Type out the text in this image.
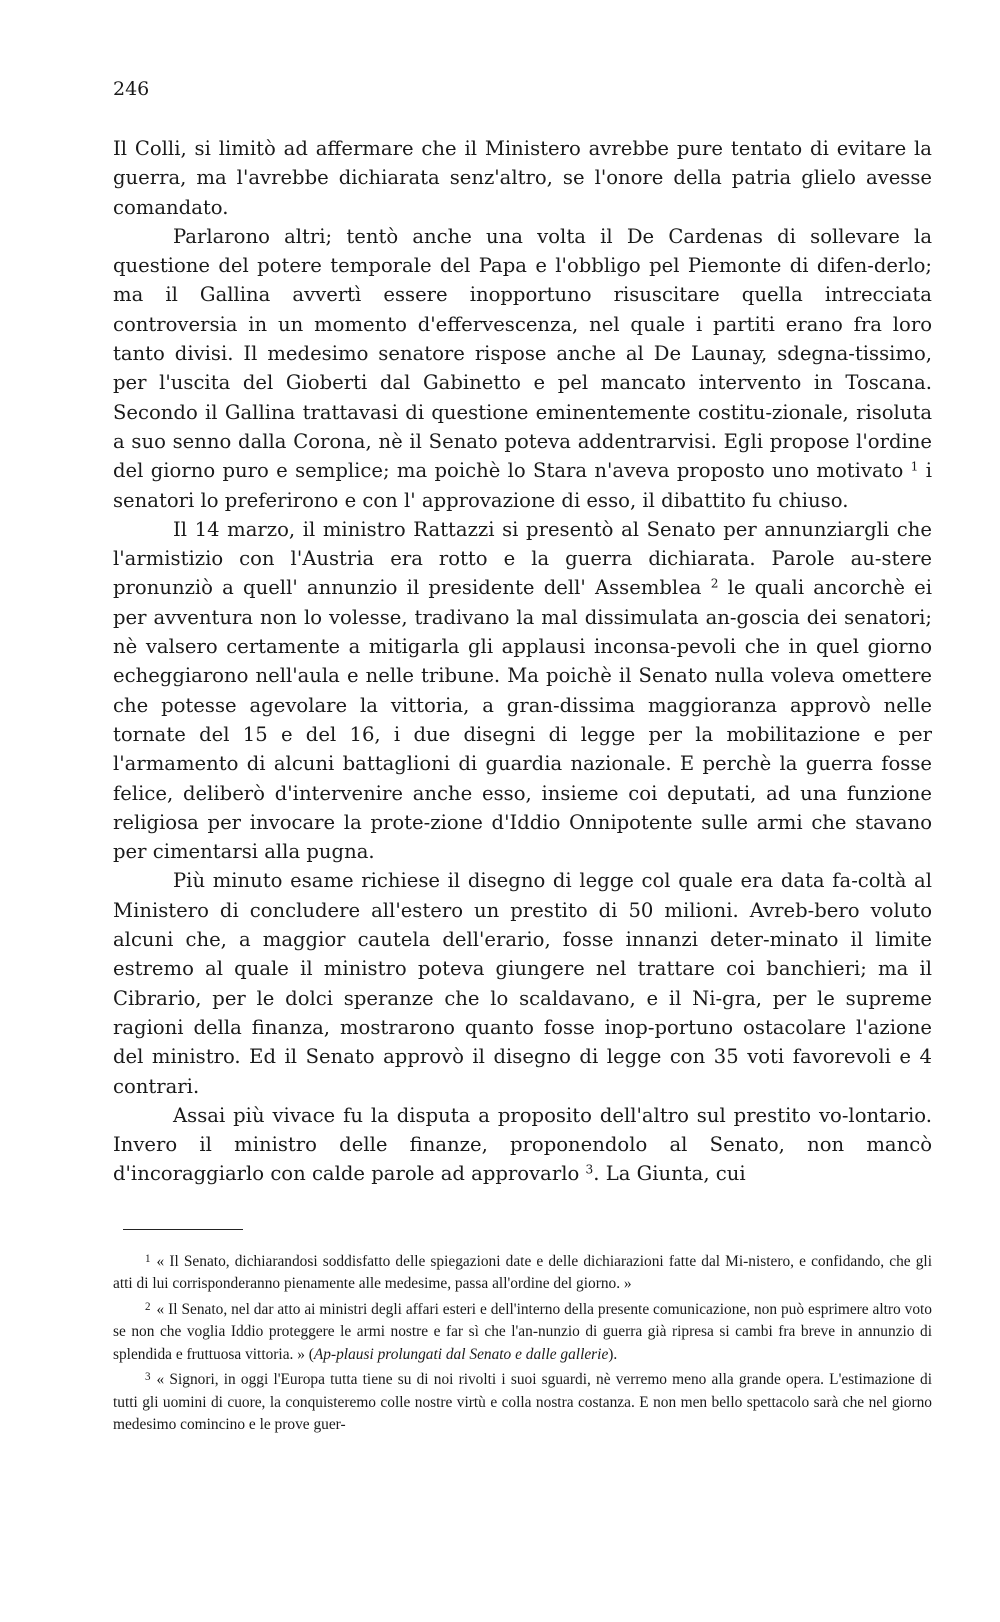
246

Il Colli, si limitò ad affermare che il Ministero avrebbe pure tentato di evitare la guerra, ma l'avrebbe dichiarata senz'altro, se l'onore della patria glielo avesse comandato.

Parlarono altri; tentò anche una volta il De Cardenas di sollevare la questione del potere temporale del Papa e l'obbligo pel Piemonte di difen-derlo; ma il Gallina avvertì essere inopportuno risuscitare quella intrecciata controversia in un momento d'effervescenza, nel quale i partiti erano fra loro tanto divisi. Il medesimo senatore rispose anche al De Launay, sdegna-tissimo, per l'uscita del Gioberti dal Gabinetto e pel mancato intervento in Toscana. Secondo il Gallina trattavasi di questione eminentemente costitu-zionale, risoluta a suo senno dalla Corona, nè il Senato poteva addentrarvisi. Egli propose l'ordine del giorno puro e semplice; ma poichè lo Stara n'aveva proposto uno motivato $^1$ i senatori lo preferirono e con l' approvazione di esso, il dibattito fu chiuso.

Il 14 marzo, il ministro Rattazzi si presentò al Senato per annunziargli che l'armistizio con l'Austria era rotto e la guerra dichiarata. Parole au-stere pronunziò a quell' annunzio il presidente dell' Assemblea $^2$ le quali ancorchè ei per avventura non lo volesse, tradivano la mal dissimulata an-goscia dei senatori; nè valsero certamente a mitigarla gli applausi inconsa-pevoli che in quel giorno echeggiarono nell'aula e nelle tribune. Ma poichè il Senato nulla voleva omettere che potesse agevolare la vittoria, a gran-dissima maggioranza approvò nelle tornate del 15 e del 16, i due disegni di legge per la mobilitazione e per l'armamento di alcuni battaglioni di guardia nazionale. E perchè la guerra fosse felice, deliberò d'intervenire anche esso, insieme coi deputati, ad una funzione religiosa per invocare la prote-zione d'Iddio Onnipotente sulle armi che stavano per cimentarsi alla pugna.

Più minuto esame richiese il disegno di legge col quale era data fa-coltà al Ministero di concludere all'estero un prestito di 50 milioni. Avreb-bero voluto alcuni che, a maggior cautela dell'erario, fosse innanzi deter-minato il limite estremo al quale il ministro poteva giungere nel trattare coi banchieri; ma il Cibrario, per le dolci speranze che lo scaldavano, e il Ni-gra, per le supreme ragioni della finanza, mostrarono quanto fosse inop-portuno ostacolare l'azione del ministro. Ed il Senato approvò il disegno di legge con 35 voti favorevoli e 4 contrari.

Assai più vivace fu la disputa a proposito dell'altro sul prestito vo-lontario. Invero il ministro delle finanze, proponendolo al Senato, non mancò d'incoraggiarlo con calde parole ad approvarlo $^3$. La Giunta, cui

$^1$ « Il Senato, dichiarandosi soddisfatto delle spiegazioni date e delle dichiarazioni fatte dal Mi-nistero, e confidando, che gli atti di lui corrisponderanno pienamente alle medesime, passa all'ordine del giorno. »

$^2$ « Il Senato, nel dar atto ai ministri degli affari esteri e dell'interno della presente comunicazione, non può esprimere altro voto se non che voglia Iddio proteggere le armi nostre e far sì che l'an-nunzio di guerra già ripresa si cambi fra breve in annunzio di splendida e fruttuosa vittoria. » (Ap-plausi prolungati dal Senato e dalle gallerie).

$^3$ « Signori, in oggi l'Europa tutta tiene su di noi rivolti i suoi sguardi, nè verremo meno alla grande opera. L'estimazione di tutti gli uomini di cuore, la conquisteremo colle nostre virtù e colla nostra costanza. E non men bello spettacolo sarà che nel giorno medesimo comincino e le prove guer-
